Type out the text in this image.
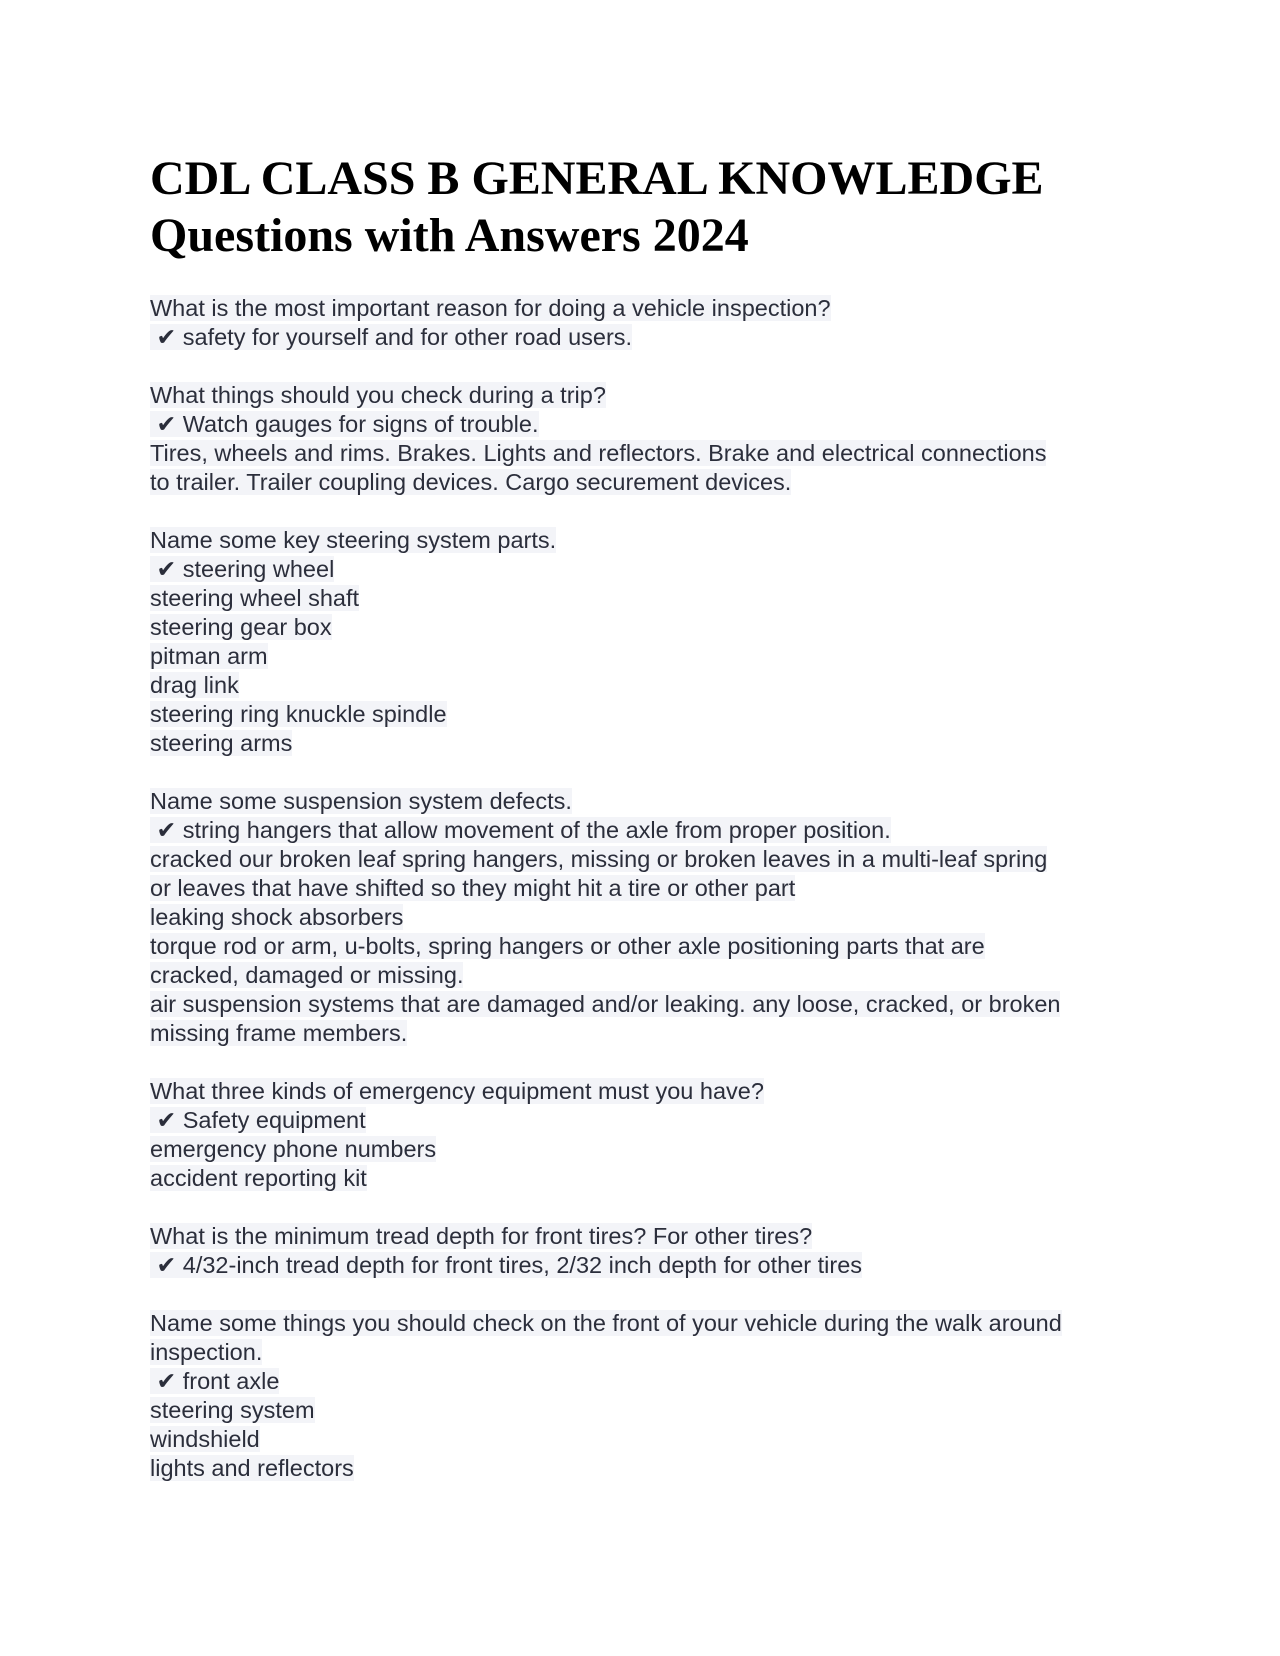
CDL CLASS B GENERAL KNOWLEDGE
Questions with Answers 2024
What is the most important reason for doing a vehicle inspection?
✔ safety for yourself and for other road users.
What things should you check during a trip?
✔ Watch gauges for signs of trouble.
Tires, wheels and rims. Brakes. Lights and reflectors. Brake and electrical connections
to trailer. Trailer coupling devices. Cargo securement devices.
Name some key steering system parts.
✔ steering wheel
steering wheel shaft
steering gear box
pitman arm
drag link
steering ring knuckle spindle
steering arms
Name some suspension system defects.
✔ string hangers that allow movement of the axle from proper position.
cracked our broken leaf spring hangers, missing or broken leaves in a multi-leaf spring
or leaves that have shifted so they might hit a tire or other part
leaking shock absorbers
torque rod or arm, u-bolts, spring hangers or other axle positioning parts that are
cracked, damaged or missing.
air suspension systems that are damaged and/or leaking. any loose, cracked, or broken
missing frame members.
What three kinds of emergency equipment must you have?
✔ Safety equipment
emergency phone numbers
accident reporting kit
What is the minimum tread depth for front tires? For other tires?
✔ 4/32-inch tread depth for front tires, 2/32 inch depth for other tires
Name some things you should check on the front of your vehicle during the walk around
inspection.
✔ front axle
steering system
windshield
lights and reflectors
